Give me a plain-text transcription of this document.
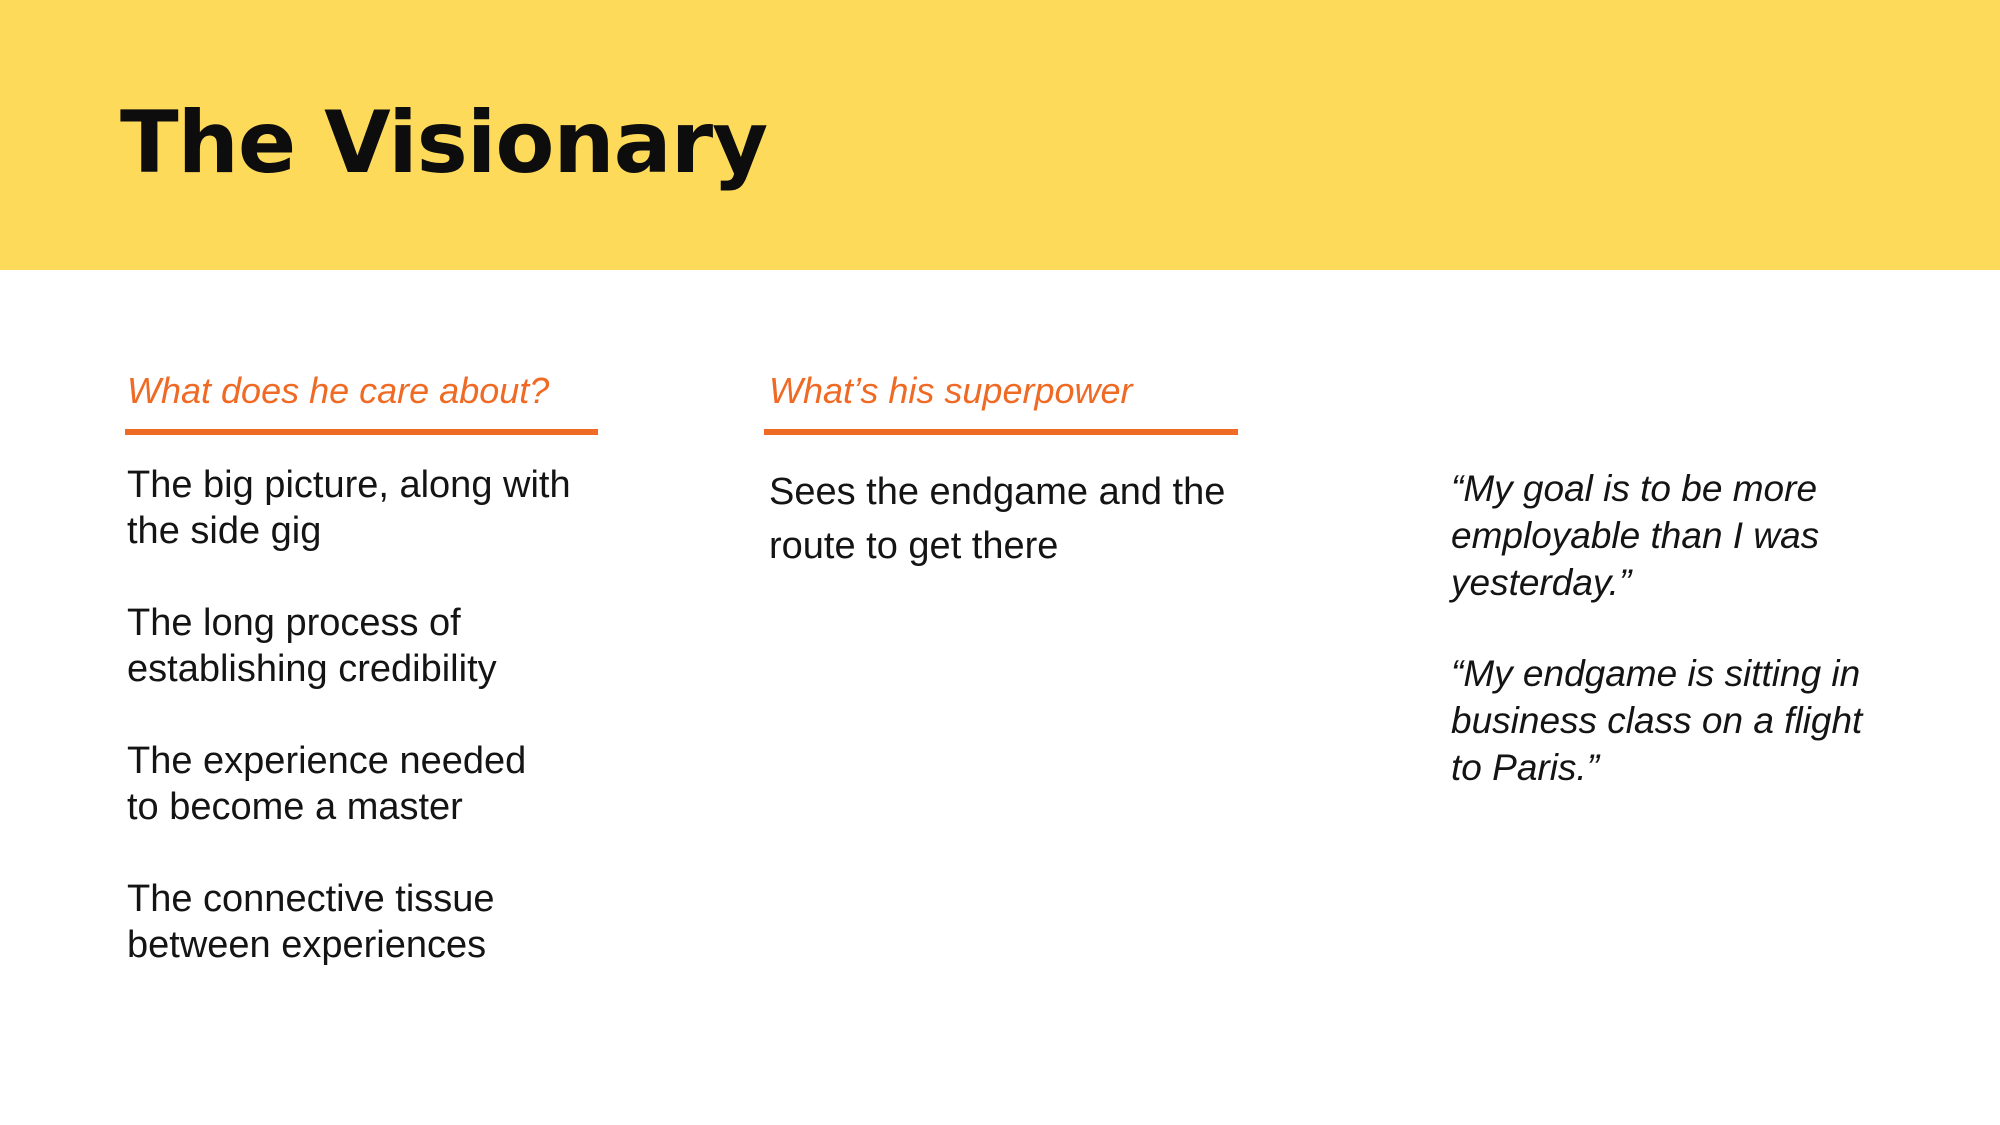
The Visionary
What does he care about?
The big picture, along with
the side gig
The long process of
establishing credibility
The experience needed
to become a master
The connective tissue
between experiences
What’s his superpower
Sees the endgame and the route to get there
“My goal is to be more
employable than I was
yesterday.”
“My endgame is sitting in
business class on a flight
to Paris.”
